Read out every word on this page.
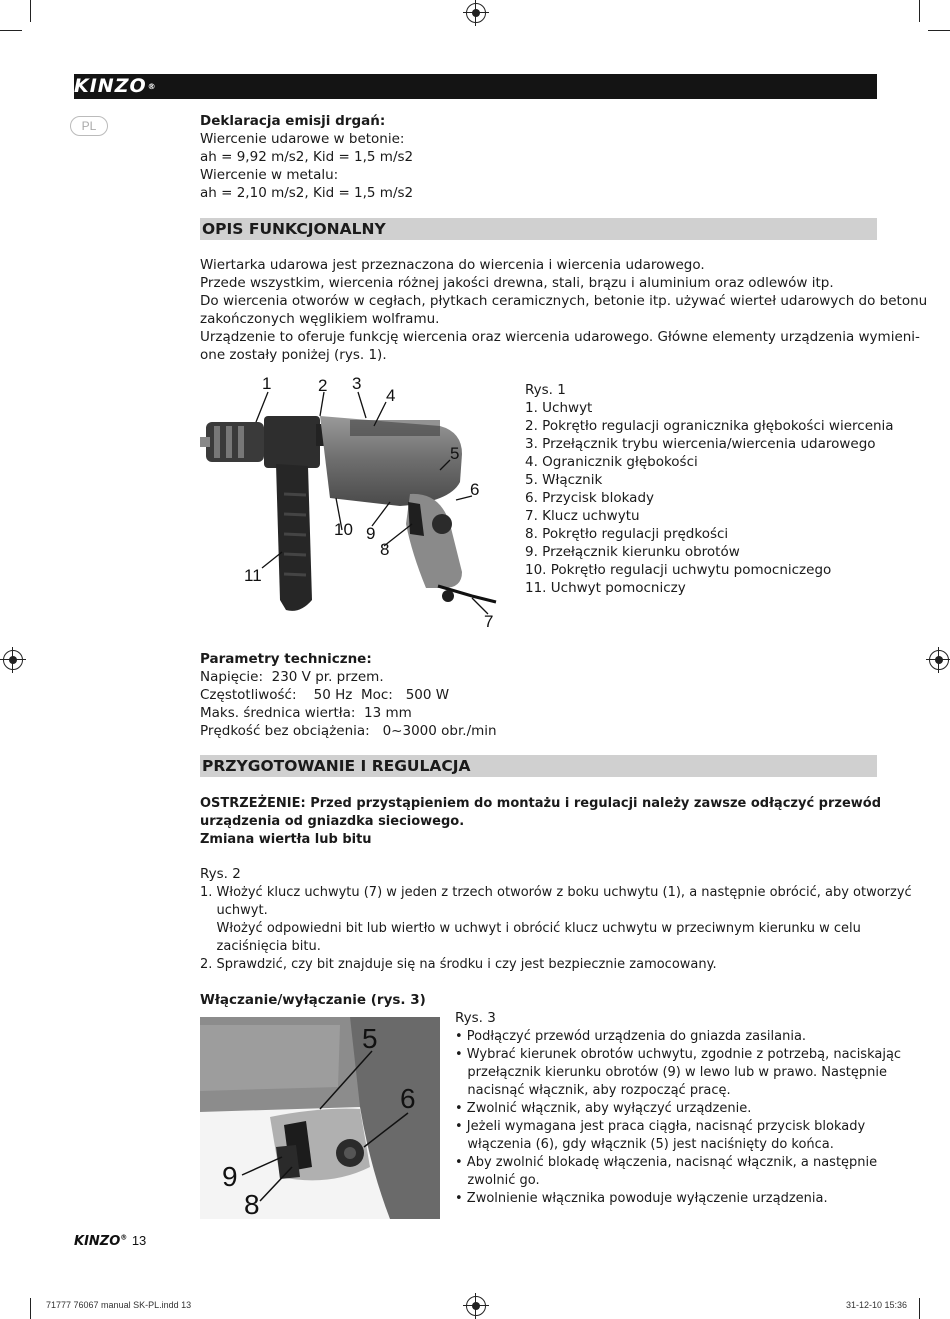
KINZO®
PL	Deklaracja emisji drgań:
Wiercenie udarowe w betonie:
ah = 9,92 m/s2, Kid = 1,5 m/s2
Wiercenie w metalu:
ah = 2,10 m/s2, Kid = 1,5 m/s2
OPIS FUNKCJONALNY
Wiertarka udarowa jest przeznaczona do wiercenia i wiercenia udarowego.
Przede wszystkim, wiercenia różnej jakości drewna, stali, brązu i aluminium oraz odlewów itp.
Do wiercenia otworów w cegłach, płytkach ceramicznych, betonie itp. używać wierteł udarowych do betonu
zakończonych węglikiem wolframu.
Urządzenie to oferuje funkcję wiercenia oraz wiercenia udarowego. Główne elementy urządzenia wymieni-
one zostały poniżej (rys. 1).
1	2 3
4
5
6
7
8
9
10
11
Rys. 1
1. Uchwyt
2. Pokrętło regulacji ogranicznika głębokości wiercenia
3. Przełącznik trybu wiercenia/wiercenia udarowego
4. Ogranicznik głębokości
5. Włącznik
6. Przycisk blokady
7. Klucz uchwytu
8. Pokrętło regulacji prędkości
9. Przełącznik kierunku obrotów
10. Pokrętło regulacji uchwytu pomocniczego
11. Uchwyt pomocniczy
Parametry techniczne:
Napięcie:  230 V pr. przem.
Częstotliwość:    50 Hz  Moc:   500 W
Maks. średnica wiertła:  13 mm
Prędkość bez obciążenia:   0~3000 obr./min
PRZYGOTOWANIE I REGULACJA
OSTRZEŻENIE: Przed przystąpieniem do montażu i regulacji należy zawsze odłączyć przewód
urządzenia od gniazdka sieciowego.
Zmiana wiertła lub bitu
Rys. 2
1. Włożyć klucz uchwytu (7) w jeden z trzech otworów z boku uchwytu (1), a następnie obrócić, aby otworzyć
uchwyt.
Włożyć odpowiedni bit lub wiertło w uchwyt i obrócić klucz uchwytu w przeciwnym kierunku w celu
zaciśnięcia bitu.
2. Sprawdzić, czy bit znajduje się na środku i czy jest bezpiecznie zamocowany.
Włączanie/wyłączanie (rys. 3)
5
6
9
8
Rys. 3
• Podłączyć przewód urządzenia do gniazda zasilania.
• Wybrać kierunek obrotów uchwytu, zgodnie z potrzebą, naciskając
przełącznik kierunku obrotów (9) w lewo lub w prawo. Następnie
nacisnąć włącznik, aby rozpocząć pracę.
• Zwolnić włącznik, aby wyłączyć urządzenie.
• Jeżeli wymagana jest praca ciągła, nacisnąć przycisk blokady
włączenia (6), gdy włącznik (5) jest naciśnięty do końca.
• Aby zwolnić blokadę włączenia, nacisnąć włącznik, a następnie
zwolnić go.
• Zwolnienie włącznika powoduje wyłączenie urządzenia.
KINZO® 13
71777 76067 manual SK-PL.indd 13	31-12-10 15:36
